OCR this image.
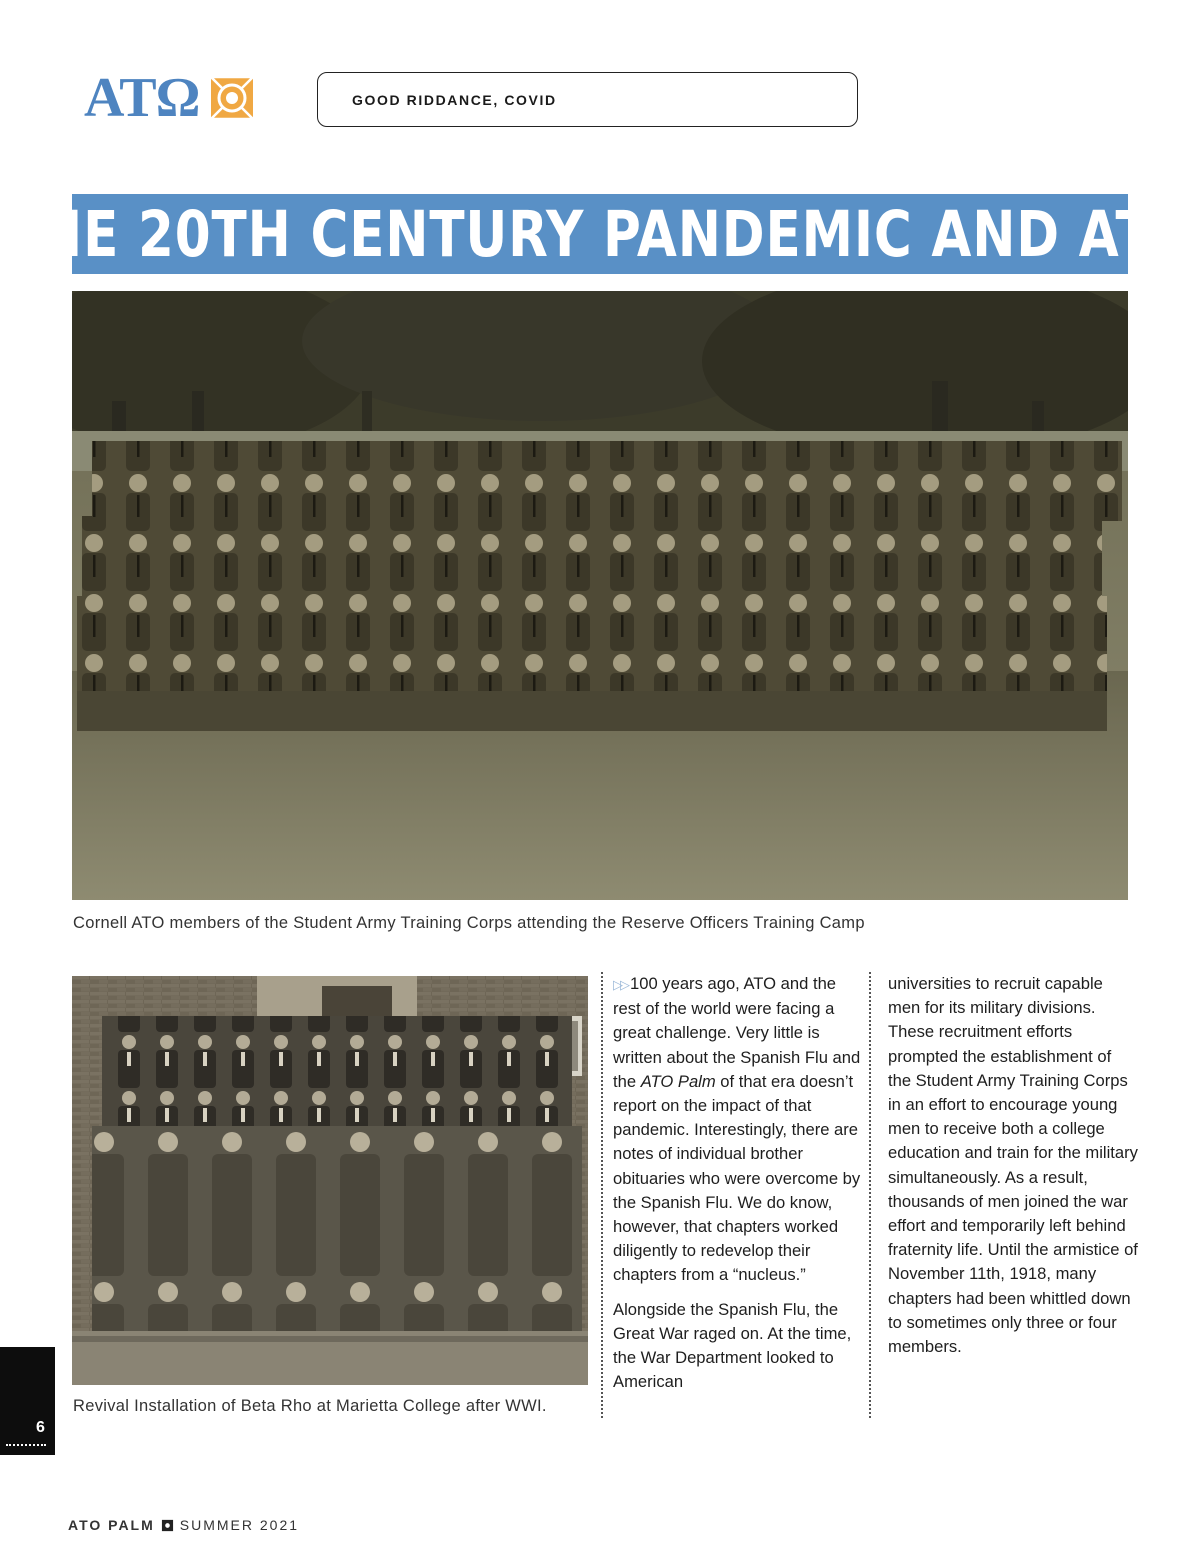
ATΩ	GOOD RIDDANCE, COVID
THE 20TH CENTURY PANDEMIC AND ATO
Cornell ATO members of the Student Army Training Corps attending the Reserve Officers Training Camp
Revival Installation of Beta Rho at Marietta College after WWI.

▷▷ 100 years ago, ATO and the rest of the world were facing a great challenge. Very little is written about the Spanish Flu and the ATO Palm of that era doesn’t report on the impact of that pandemic. Interestingly, there are notes of individual brother obituaries who were overcome by the Spanish Flu. We do know, however, that chapters worked diligently to redevelop their chapters from a “nucleus.”

Alongside the Spanish Flu, the Great War raged on. At the time, the War Department looked to American

universities to recruit capable men for its military divisions. These recruitment efforts prompted the establishment of the Student Army Training Corps in an effort to encourage young men to receive both a college education and train for the military simultaneously. As a result, thousands of men joined the war effort and temporarily left behind fraternity life. Until the armistice of November 11th, 1918, many chapters had been whittled down to sometimes only three or four members.

6
ATO PALM SUMMER 2021
